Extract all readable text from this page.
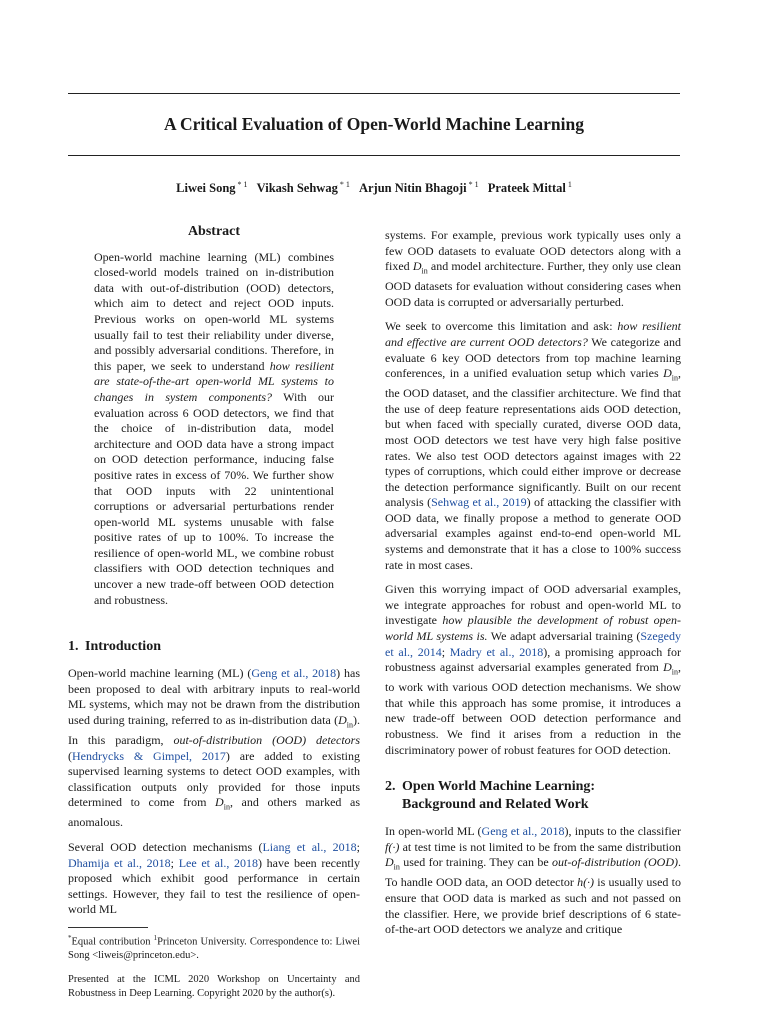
A Critical Evaluation of Open-World Machine Learning
Liwei Song $^{* 1}$ Vikash Sehwag $^{* 1}$ Arjun Nitin Bhagoji $^{* 1}$ Prateek Mittal $^1$
Abstract
Open-world machine learning (ML) combines closed-world models trained on in-distribution data with out-of-distribution (OOD) detectors, which aim to detect and reject OOD inputs. Previous works on open-world ML systems usually fail to test their reliability under diverse, and possibly adversarial conditions. Therefore, in this paper, we seek to understand how resilient are state-of-the-art open-world ML systems to changes in system components? With our evaluation across 6 OOD detectors, we find that the choice of in-distribution data, model architecture and OOD data have a strong impact on OOD detection performance, inducing false positive rates in excess of 70%. We further show that OOD inputs with 22 unintentional corruptions or adversarial perturbations render open-world ML systems unusable with false positive rates of up to 100%. To increase the resilience of open-world ML, we combine robust classifiers with OOD detection techniques and uncover a new trade-off between OOD detection and robustness.
1. Introduction

Open-world machine learning (ML) (Geng et al., 2018) has been proposed to deal with arbitrary inputs to real-world ML systems, which may not be drawn from the distribution used during training, referred to as in-distribution data $(D_{in})$. In this paradigm, out-of-distribution (OOD) detectors (Hendrycks & Gimpel, 2017) are added to existing supervised learning systems to detect OOD examples, with classification outputs only provided for those inputs determined to come from $D_{in}$, and others marked as anomalous.

Several OOD detection mechanisms (Liang et al., 2018; Dhamija et al., 2018; Lee et al., 2018) have been recently proposed which exhibit good performance in certain settings. However, they fail to test the resilience of open-world ML

*Equal contribution $^1$Princeton University. Correspondence to: Liwei Song <liweis@princeton.edu>.

Presented at the ICML 2020 Workshop on Uncertainty and Robustness in Deep Learning. Copyright 2020 by the author(s).

systems. For example, previous work typically uses only a few OOD datasets to evaluate OOD detectors along with a fixed $D_{in}$ and model architecture. Further, they only use clean OOD datasets for evaluation without considering cases when OOD data is corrupted or adversarially perturbed.

We seek to overcome this limitation and ask: how resilient and effective are current OOD detectors? We categorize and evaluate 6 key OOD detectors from top machine learning conferences, in a unified evaluation setup which varies $D_{in}$, the OOD dataset, and the classifier architecture. We find that the use of deep feature representations aids OOD detection, but when faced with specially curated, diverse OOD data, most OOD detectors we test have very high false positive rates. We also test OOD detectors against images with 22 types of corruptions, which could either improve or decrease the detection performance significantly. Built on our recent analysis (Sehwag et al., 2019) of attacking the classifier with OOD data, we finally propose a method to generate OOD adversarial examples against end-to-end open-world ML systems and demonstrate that it has a close to 100% success rate in most cases.

Given this worrying impact of OOD adversarial examples, we integrate approaches for robust and open-world ML to investigate how plausible the development of robust open-world ML systems is. We adapt adversarial training (Szegedy et al., 2014; Madry et al., 2018), a promising approach for robustness against adversarial examples generated from $D_{in}$, to work with various OOD detection mechanisms. We show that while this approach has some promise, it introduces a new trade-off between OOD detection performance and robustness. We find it arises from a reduction in the discriminatory power of robust features for OOD detection.

2. Open World Machine Learning:
Background and Related Work

In open-world ML (Geng et al., 2018), inputs to the classifier f(·) at test time is not limited to be from the same distribution $D_{in}$ used for training. They can be out-of-distribution (OOD). To handle OOD data, an OOD detector h(·) is usually used to ensure that OOD data is marked as such and not passed on the classifier. Here, we provide brief descriptions of 6 state-of-the-art OOD detectors we analyze and critique
